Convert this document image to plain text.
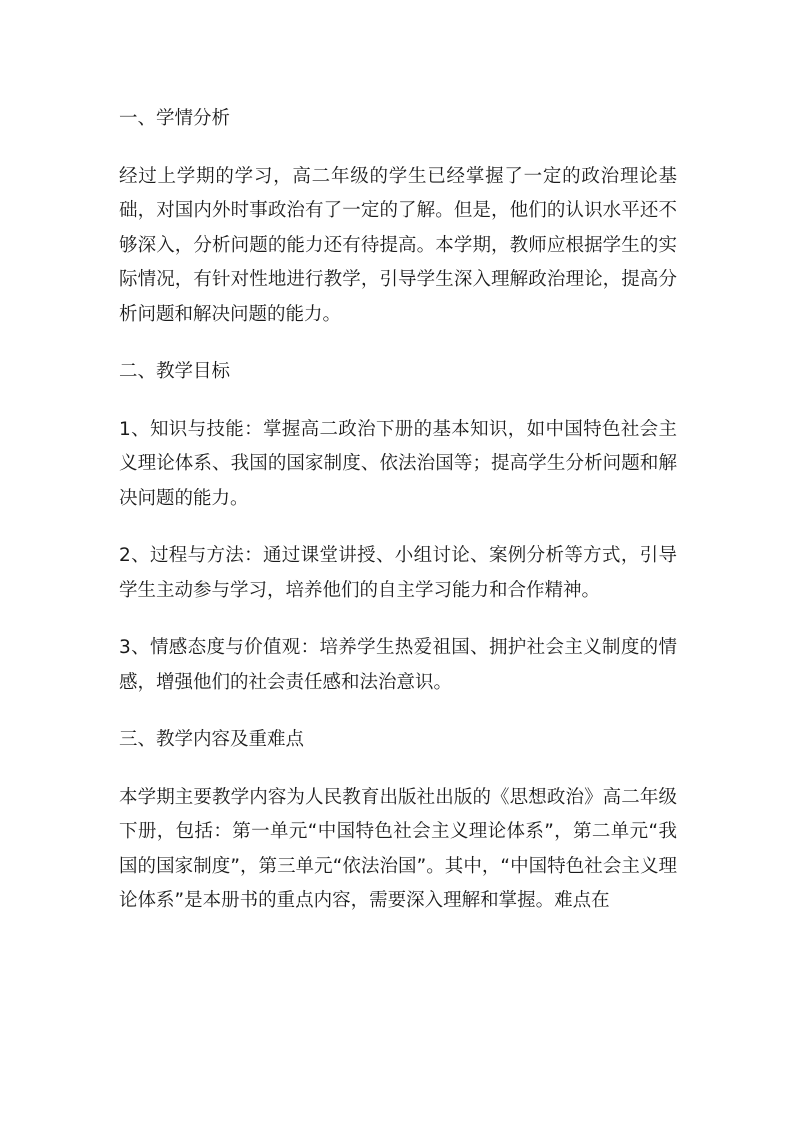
一、学情分析

经过上学期的学习，高二年级的学生已经掌握了一定的政治理论基础，对国内外时事政治有了一定的了解。但是，他们的认识水平还不够深入，分析问题的能力还有待提高。本学期，教师应根据学生的实际情况，有针对性地进行教学，引导学生深入理解政治理论，提高分析问题和解决问题的能力。

二、教学目标

1、知识与技能：掌握高二政治下册的基本知识，如中国特色社会主义理论体系、我国的国家制度、依法治国等；提高学生分析问题和解决问题的能力。

2、过程与方法：通过课堂讲授、小组讨论、案例分析等方式，引导学生主动参与学习，培养他们的自主学习能力和合作精神。

3、情感态度与价值观：培养学生热爱祖国、拥护社会主义制度的情感，增强他们的社会责任感和法治意识。

三、教学内容及重难点

本学期主要教学内容为人民教育出版社出版的《思想政治》高二年级下册，包括：第一单元“中国特色社会主义理论体系”，第二单元“我国的国家制度”，第三单元“依法治国”。其中，“中国特色社会主义理论体系”是本册书的重点内容，需要深入理解和掌握。难点在
